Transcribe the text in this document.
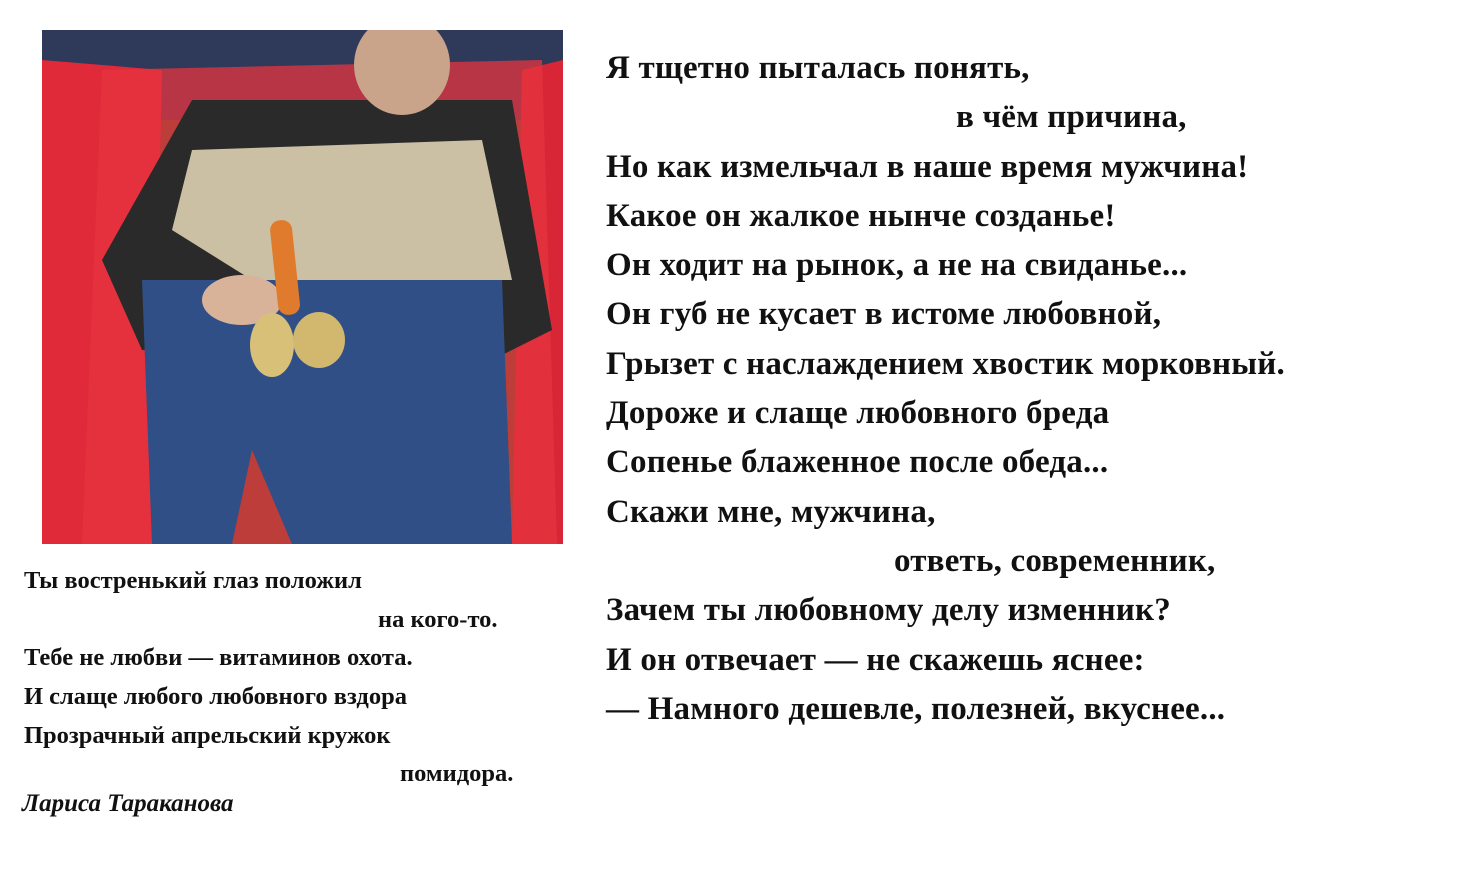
Я тщетно пыталась понять,
в чём причина,
Но как измельчал в наше время мужчина!
Какое он жалкое нынче созданье!
Он ходит на рынок, а не на свиданье...
Он губ не кусает в истоме любовной,
Грызет с наслаждением хвостик морковный.
Дороже и слаще любовного бреда
Сопенье блаженное после обеда...
Скажи мне, мужчина,
ответь, современник,
Зачем ты любовному делу изменник?
И он отвечает — не скажешь яснее:
— Намного дешевле, полезней, вкуснее...
Ты востренький глаз положил
на кого-то.
Тебе не любви — витаминов охота.
И слаще любого любовного вздора
Прозрачный апрельский кружок
помидора.
Лариса Тараканова
